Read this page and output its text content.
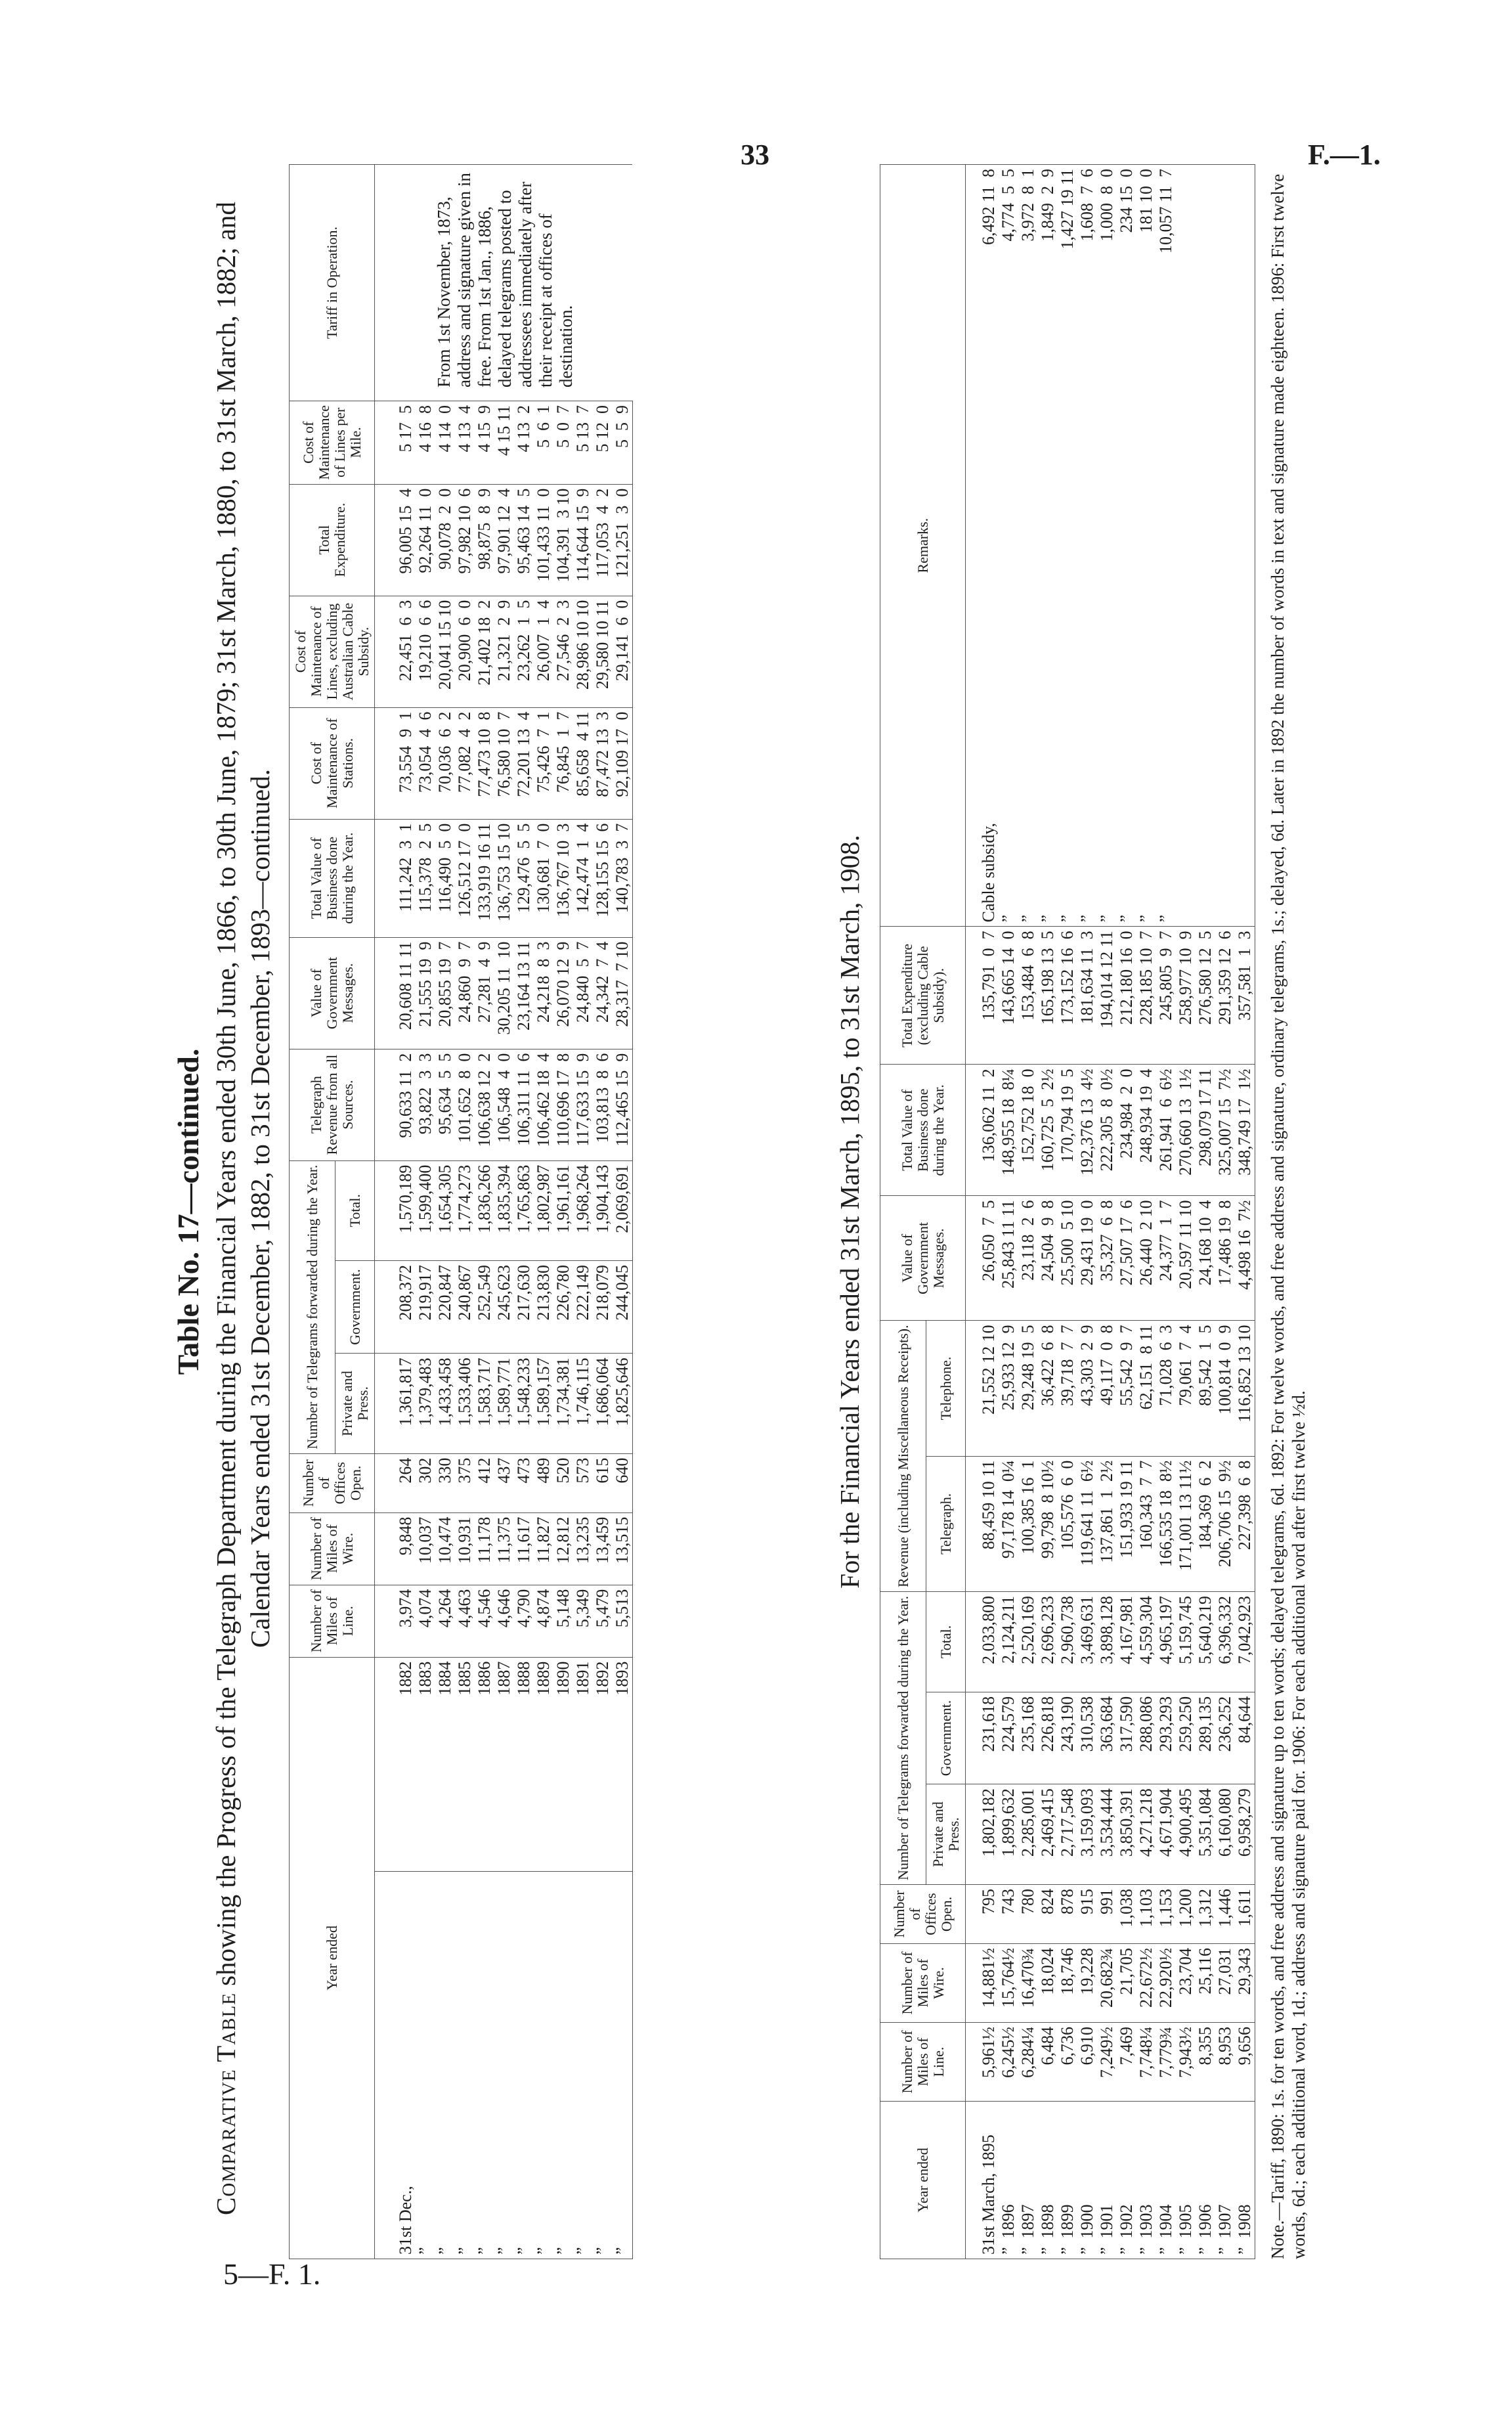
33	F.—1.
5—F. 1.
Table No. 17—continued.
Comparative Table showing the Progress of the Telegraph Department during the Financial Years ended 30th June, 1866, to 30th June, 1879; 31st March, 1880, to 31st March, 1882; and Calendar Years ended 31st December, 1882, to 31st December, 1893—continued.
Year ended		Number of Miles of Line.	Number of Miles of Wire.	Number of Offices Open.	Number of Telegrams forwarded during the Year.			Telegraph Revenue from all Sources.	Value of Government Messages.	Total Value of Business done during the Year.	Cost of Maintenance of Stations.	Cost of Maintenance of Lines, excluding Australian Cable Subsidy.	Total Expenditure.	Cost of Maintenance of Lines per Mile.	Tariff in Operation.
					Private and Press.	Government.	Total.								
31st Dec.,	1882	3,974	9,848	264	1,361,817	208,372	1,570,189	90,633 11  2	20,608 11 11	111,242  3  1	73,554  9  1	22,451  6  3	96,005 15  4	5 17  5	From 1st November, 1873, address and signature given in free. From 1st Jan., 1886, delayed telegrams posted to addressees immediately after their receipt at offices of destination.
”	1883	4,074	10,037	302	1,379,483	219,917	1,599,400	93,822  3  3	21,555 19  9	115,378  2  5	73,054  4  6	19,210  6  6	92,264 11  0	4 16  8	
”	1884	4,264	10,474	330	1,433,458	220,847	1,654,305	95,634  5  5	20,855 19  7	116,490  5  0	70,036  6  2	20,041 15 10	90,078  2  0	4 14  0	
”	1885	4,463	10,931	375	1,533,406	240,867	1,774,273	101,652  8  0	24,860  9  7	126,512 17  0	77,082  4  2	20,900  6  0	97,982 10  6	4 13  4	
”	1886	4,546	11,178	412	1,583,717	252,549	1,836,266	106,638 12  2	27,281  4  9	133,919 16 11	77,473 10  8	21,402 18  2	98,875  8  9	4 15  9	
”	1887	4,646	11,375	437	1,589,771	245,623	1,835,394	106,548  4  0	30,205 11  10	136,753 15 10	76,580 10  7	21,321  2  9	97,901 12  4	4 15 11	
”	1888	4,790	11,617	473	1,548,233	217,630	1,765,863	106,311 11  6	23,164 13 11	129,476  5  5	72,201 13  4	23,262  1  5	95,463 14  5	4 13  2	
”	1889	4,874	11,827	489	1,589,157	213,830	1,802,987	106,462 18  4	24,218  8  3	130,681  7  0	75,426  7  1	26,007  1  4	101,433 11  0	5  6  1	
”	1890	5,148	12,812	520	1,734,381	226,780	1,961,161	110,696 17  8	26,070 12  9	136,767 10  3	76,845  1  7	27,546  2  3	104,391  3 10	5  0  7	
”	1891	5,349	13,235	573	1,746,115	222,149	1,968,264	117,633 15  9	24,840  5  7	142,474  1  4	85,658  4 11	28,986 10 10	114,644 15  9	5 13  7	
”	1892	5,479	13,459	615	1,686,064	218,079	1,904,143	103,813  8  6	24,342  7  4	128,155 15  6	87,472 13  3	29,580 10 11	117,053  4  2	5 12  0	
”	1893	5,513	13,515	640	1,825,646	244,045	2,069,691	112,465 15  9	28,317  7 10	140,783  3  7	92,109 17  0	29,141  6  0	121,251  3  0	5  5  9	
For the Financial Years ended 31st March, 1895, to 31st March, 1908.
Year ended	Number of Miles of Line.	Number of Miles of Wire.	Number of Offices Open.	Number of Telegrams forwarded during the Year.			Revenue (including Miscellaneous Receipts).		Value of Government Messages.	Total Value of Business done during the Year.	Total Expenditure (excluding Cable Subsidy).	Remarks.	
				Private and Press.	Government.	Total.	Telegraph.	Telephone.					
31st March, 1895	5,961½	14,881½	795	1,802,182	231,618	2,033,800	88,459 10 11	21,552 12 10	26,050  7  5	136,062 11  2	135,791  0  7	Cable subsidy,	6,492 11  8
”  1896	6,245½	15,764½	743	1,899,632	224,579	2,124,211	97,178 14  0¼	25,933 12  9	25,843 11 11	148,955 18  8¼	143,665 14  0	”	4,774  5  5
”  1897	6,284¼	16,470¾	780	2,285,001	235,168	2,520,169	100,385 16  1	29,248 19  5	23,118  2  6	152,752 18  0	153,484  6  8	”	3,972  8  1
”  1898	6,484	18,024	824	2,469,415	226,818	2,696,233	99,798  8 10½	36,422  6  8	24,504  9  8	160,725  5  2½	165,198 13  5	”	1,849  2  9
”  1899	6,736	18,746	878	2,717,548	243,190	2,960,738	105,576  6  0	39,718  7  7	25,500  5 10	170,794 19  5	173,152 16  6	”	1,427 19 11
”  1900	6,910	19,228	915	3,159,093	310,538	3,469,631	119,641 11  6½	43,303  2  9	29,431 19  0	192,376 13  4½	181,634 11  3	”	1,608  7  6
”  1901	7,249½	20,682¾	991	3,534,444	363,684	3,898,128	137,861  1  2½	49,117  0  8	35,327  6  8	222,305  8  0½	194,014 12 11	”	1,000  8  0
”  1902	7,469	21,705	1,038	3,850,391	317,590	4,167,981	151,933 19 11	55,542  9  7	27,507 17  6	234,984  2  0	212,180 16  0	”	234 15  0
”  1903	7,748¼	22,672½	1,103	4,271,218	288,086	4,559,304	160,343  7  7	62,151  8 11	26,440  2 10	248,934 19  4	228,185 10  7	”	181 10  0
”  1904	7,779¾	22,920½	1,153	4,671,904	293,293	4,965,197	166,535 18  8½	71,028  6  3	24,377  1  7	261,941  6  6½	245,805  9  7	”	10,057 11  7
”  1905	7,943½	23,704	1,200	4,900,495	259,250	5,159,745	171,001 13 11½	79,061  7  4	20,597 11 10	270,660 13  1½	258,977 10  9		
”  1906	8,355	25,116	1,312	5,351,084	289,135	5,640,219	184,369  6  2	89,542  1  5	24,168 10  4	298,079 17 11	276,580 12  5		
”  1907	8,953	27,031	1,446	6,160,080	236,252	6,396,332	206,706 15  9½	100,814  0  9	17,486 19  8	325,007 15  7½	291,359 12  6		
”  1908	9,656	29,343	1,611	6,958,279	84,644	7,042,923	227,398  6  8	116,852 13 10	4,498 16  7½	348,749 17  1½	357,581  1  3		Note.—Tariff, 1890: 1s. for ten words, and free address and signature up to ten words; delayed telegrams, 6d. 1892: For twelve words, and free address and signature, ordinary telegrams, 1s.; delayed, 6d. Later in 1892 the number of words in text and signature made eighteen. 1896: First twelve words, 6d.; each additional word, 1d.; address and signature paid for. 1906: For each additional word after first twelve ½d.
